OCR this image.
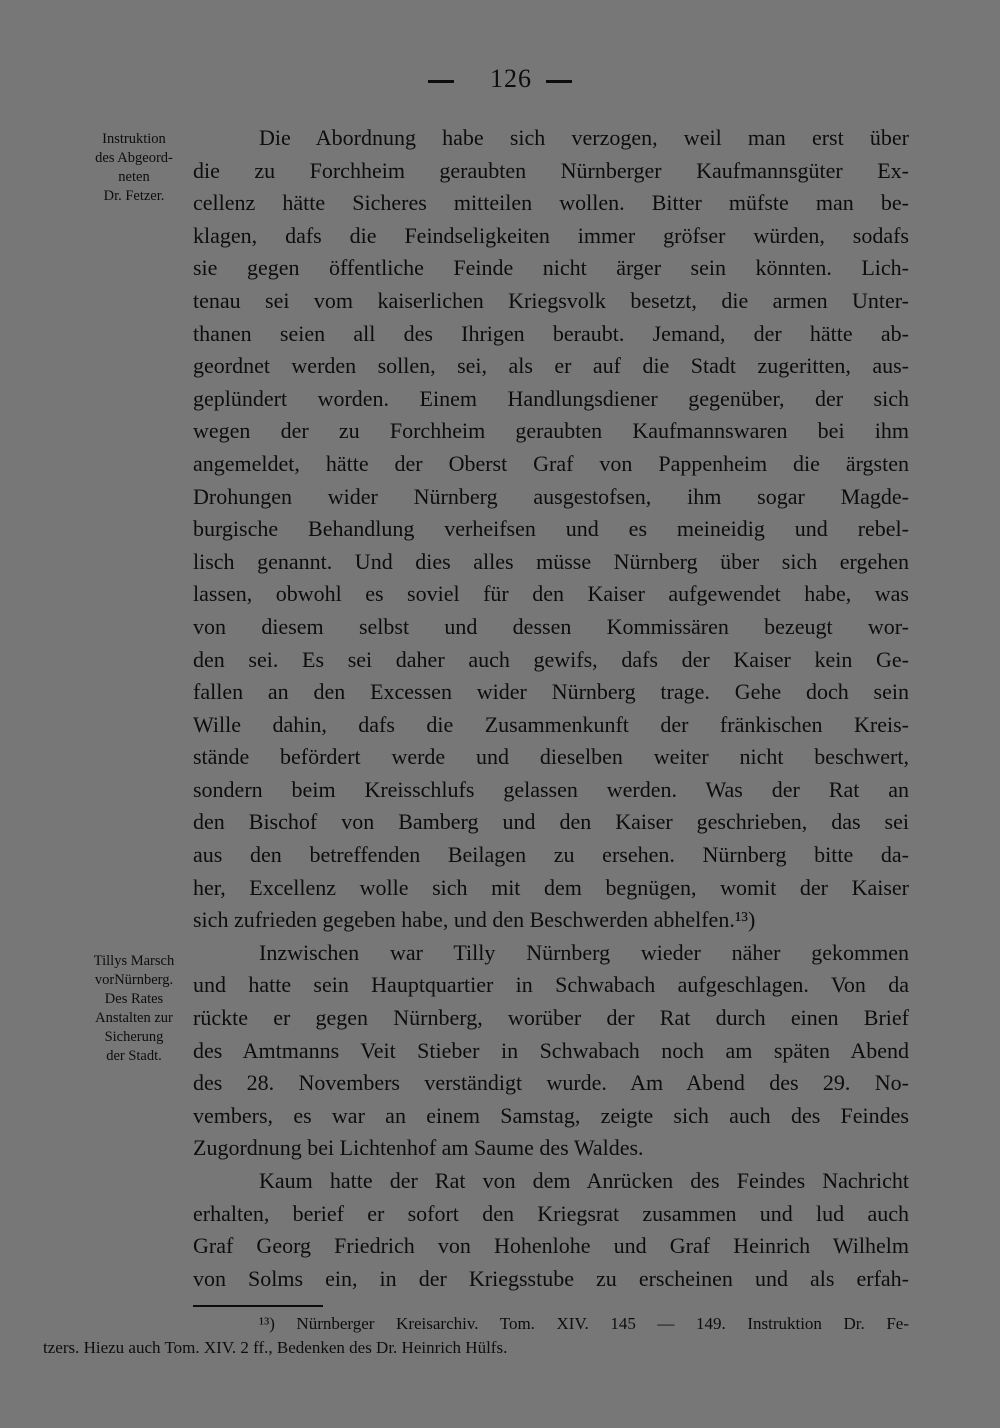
126
Instruktion
des Abgeord-
neten
Dr. Fetzer.
Tillys Marsch
vorNürnberg.
Des Rates
Anstalten zur
Sicherung
der Stadt.
Die Abordnung habe sich verzogen, weil man erst über
die zu Forchheim geraubten Nürnberger Kaufmannsgüter Ex-
cellenz hätte Sicheres mitteilen wollen. Bitter müfste man be-
klagen, dafs die Feindseligkeiten immer gröfser würden, sodafs
sie gegen öffentliche Feinde nicht ärger sein könnten. Lich-
tenau sei vom kaiserlichen Kriegsvolk besetzt, die armen Unter-
thanen seien all des Ihrigen beraubt. Jemand, der hätte ab-
geordnet werden sollen, sei, als er auf die Stadt zugeritten, aus-
geplündert worden. Einem Handlungsdiener gegenüber, der sich
wegen der zu Forchheim geraubten Kaufmannswaren bei ihm
angemeldet, hätte der Oberst Graf von Pappenheim die ärgsten
Drohungen wider Nürnberg ausgestofsen, ihm sogar Magde-
burgische Behandlung verheifsen und es meineidig und rebel-
lisch genannt. Und dies alles müsse Nürnberg über sich ergehen
lassen, obwohl es soviel für den Kaiser aufgewendet habe, was
von diesem selbst und dessen Kommissären bezeugt wor-
den sei. Es sei daher auch gewifs, dafs der Kaiser kein Ge-
fallen an den Excessen wider Nürnberg trage. Gehe doch sein
Wille dahin, dafs die Zusammenkunft der fränkischen Kreis-
stände befördert werde und dieselben weiter nicht beschwert,
sondern beim Kreisschlufs gelassen werden. Was der Rat an
den Bischof von Bamberg und den Kaiser geschrieben, das sei
aus den betreffenden Beilagen zu ersehen. Nürnberg bitte da-
her, Excellenz wolle sich mit dem begnügen, womit der Kaiser
sich zufrieden gegeben habe, und den Beschwerden abhelfen.¹³)
Inzwischen war Tilly Nürnberg wieder näher gekommen
und hatte sein Hauptquartier in Schwabach aufgeschlagen. Von da
rückte er gegen Nürnberg, worüber der Rat durch einen Brief
des Amtmanns Veit Stieber in Schwabach noch am späten Abend
des 28. Novembers verständigt wurde. Am Abend des 29. No-
vembers, es war an einem Samstag, zeigte sich auch des Feindes
Zugordnung bei Lichtenhof am Saume des Waldes.
Kaum hatte der Rat von dem Anrücken des Feindes Nachricht
erhalten, berief er sofort den Kriegsrat zusammen und lud auch
Graf Georg Friedrich von Hohenlohe und Graf Heinrich Wilhelm
von Solms ein, in der Kriegsstube zu erscheinen und als erfah-
¹³) Nürnberger Kreisarchiv. Tom. XIV. 145 — 149. Instruktion Dr. Fe-
tzers. Hiezu auch Tom. XIV. 2 ff., Bedenken des Dr. Heinrich Hülfs.
